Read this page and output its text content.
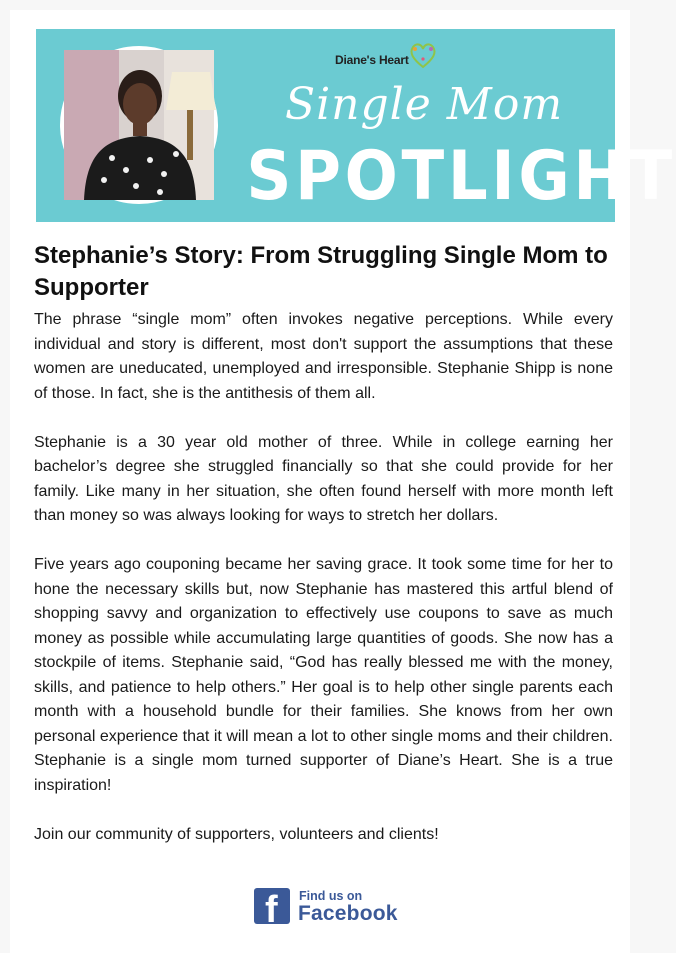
Diane's Heart
Single Mom
SPOTLIGHT
Stephanie’s Story: From Struggling Single Mom to Supporter

The phrase “single mom” often invokes negative perceptions. While every individual and story is different, most don't support the assumptions that these women are uneducated, unemployed and irresponsible. Stephanie Shipp is none of those. In fact, she is the antithesis of them all.

Stephanie is a 30 year old mother of three. While in college earning her bachelor’s degree she struggled financially so that she could provide for her family. Like many in her situation, she often found herself with more month left than money so was always looking for ways to stretch her dollars.

Five years ago couponing became her saving grace. It took some time for her to hone the necessary skills but, now Stephanie has mastered this artful blend of shopping savvy and organization to effectively use coupons to save as much money as possible while accumulating large quantities of goods. She now has a stockpile of items. Stephanie said, “God has really blessed me with the money, skills, and patience to help others.” Her goal is to help other single parents each month with a household bundle for their families. She knows from her own personal experience that it will mean a lot to other single moms and their children. Stephanie is a single mom turned supporter of Diane’s Heart. She is a true inspiration!

Join our community of supporters, volunteers and clients!

f Find us on
Facebook
